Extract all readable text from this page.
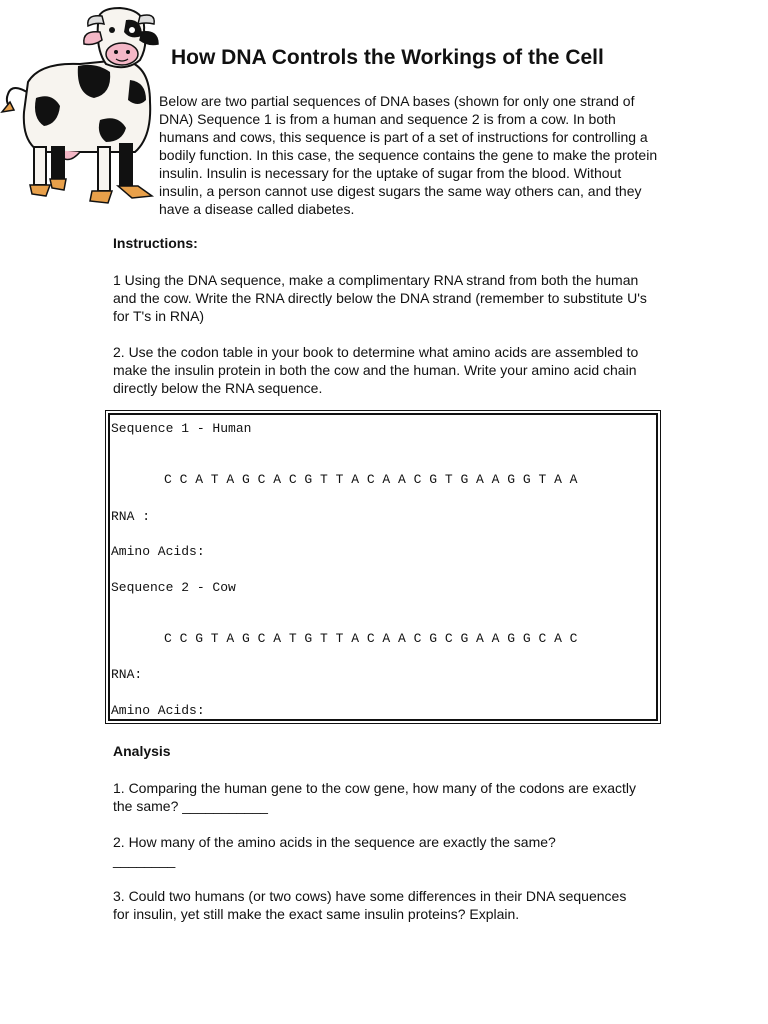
How DNA Controls the Workings of the Cell

Below are two partial sequences of DNA bases (shown for only one strand of DNA) Sequence 1 is from a human and sequence 2 is from a cow. In both humans and cows, this sequence is part of a set of instructions for controlling a bodily function. In this case, the sequence contains the gene to make the protein insulin. Insulin is necessary for the uptake of sugar from the blood. Without insulin, a person cannot use digest sugars the same way others can, and they have a disease called diabetes.

Instructions:
1 Using the DNA sequence, make a complimentary RNA strand from both the human and the cow. Write the RNA directly below the DNA strand (remember to substitute U's for T's in RNA)
2. Use the codon table in your book to determine what amino acids are assembled to make the insulin protein in both the cow and the human. Write your amino acid chain directly below the RNA sequence.
Sequence 1 - Human
C C A T A G C A C G T T A C A A C G T G A A G G T A A
RNA :
Amino Acids:
Sequence 2 - Cow
C C G T A G C A T G T T A C A A C G C G A A G G C A C
RNA:
Amino Acids:
Analysis
1. Comparing the human gene to the cow gene, how many of the codons are exactly the same? ___________
2. How many of the amino acids in the sequence are exactly the same? ________
3. Could two humans (or two cows) have some differences in their DNA sequences for insulin, yet still make the exact same insulin proteins? Explain.
